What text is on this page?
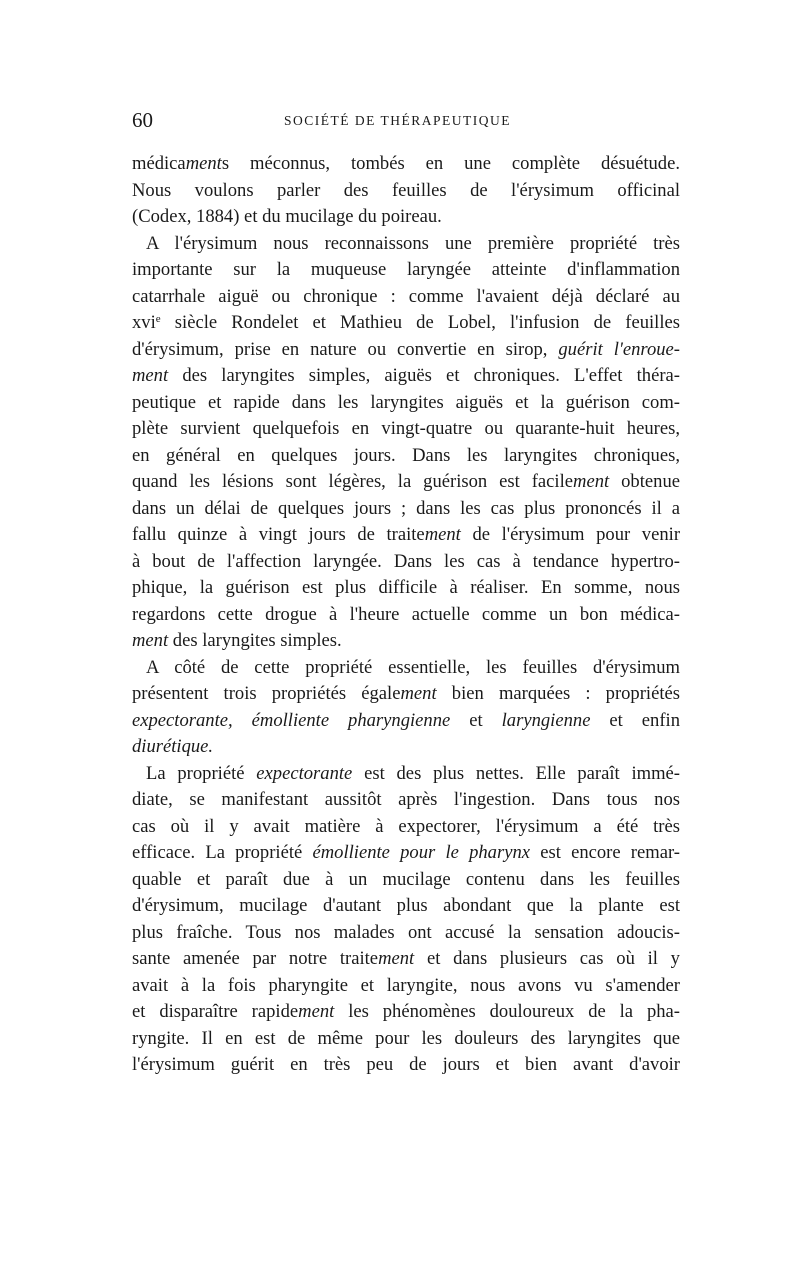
60	SOCIÉTÉ DE THÉRAPEUTIQUE
médicaments méconnus, tombés en une complète désuétude.
Nous voulons parler des feuilles de l'érysimum officinal
(Codex, 1884) et du mucilage du poireau.
A l'érysimum nous reconnaissons une première propriété très
importante sur la muqueuse laryngée atteinte d'inflammation
catarrhale aiguë ou chronique : comme l'avaient déjà déclaré au
xvi$^e$ siècle Rondelet et Mathieu de Lobel, l'infusion de feuilles
d'érysimum, prise en nature ou convertie en sirop, guérit l'enroue-
ment des laryngites simples, aiguës et chroniques. L'effet théra-
peutique et rapide dans les laryngites aiguës et la guérison com-
plète survient quelquefois en vingt-quatre ou quarante-huit heures,
en général en quelques jours. Dans les laryngites chroniques,
quand les lésions sont légères, la guérison est facilement obtenue
dans un délai de quelques jours ; dans les cas plus prononcés il a
fallu quinze à vingt jours de traitement de l'érysimum pour venir
à bout de l'affection laryngée. Dans les cas à tendance hypertro-
phique, la guérison est plus difficile à réaliser. En somme, nous
regardons cette drogue à l'heure actuelle comme un bon médica-
ment des laryngites simples.
A côté de cette propriété essentielle, les feuilles d'érysimum
présentent trois propriétés également bien marquées : propriétés
expectorante, émolliente pharyngienne et laryngienne et enfin
diurétique.
La propriété expectorante est des plus nettes. Elle paraît immé-
diate, se manifestant aussitôt après l'ingestion. Dans tous nos
cas où il y avait matière à expectorer, l'érysimum a été très
efficace. La propriété émolliente pour le pharynx est encore remar-
quable et paraît due à un mucilage contenu dans les feuilles
d'érysimum, mucilage d'autant plus abondant que la plante est
plus fraîche. Tous nos malades ont accusé la sensation adoucis-
sante amenée par notre traitement et dans plusieurs cas où il y
avait à la fois pharyngite et laryngite, nous avons vu s'amender
et disparaître rapidement les phénomènes douloureux de la pha-
ryngite. Il en est de même pour les douleurs des laryngites que
l'érysimum guérit en très peu de jours et bien avant d'avoir
